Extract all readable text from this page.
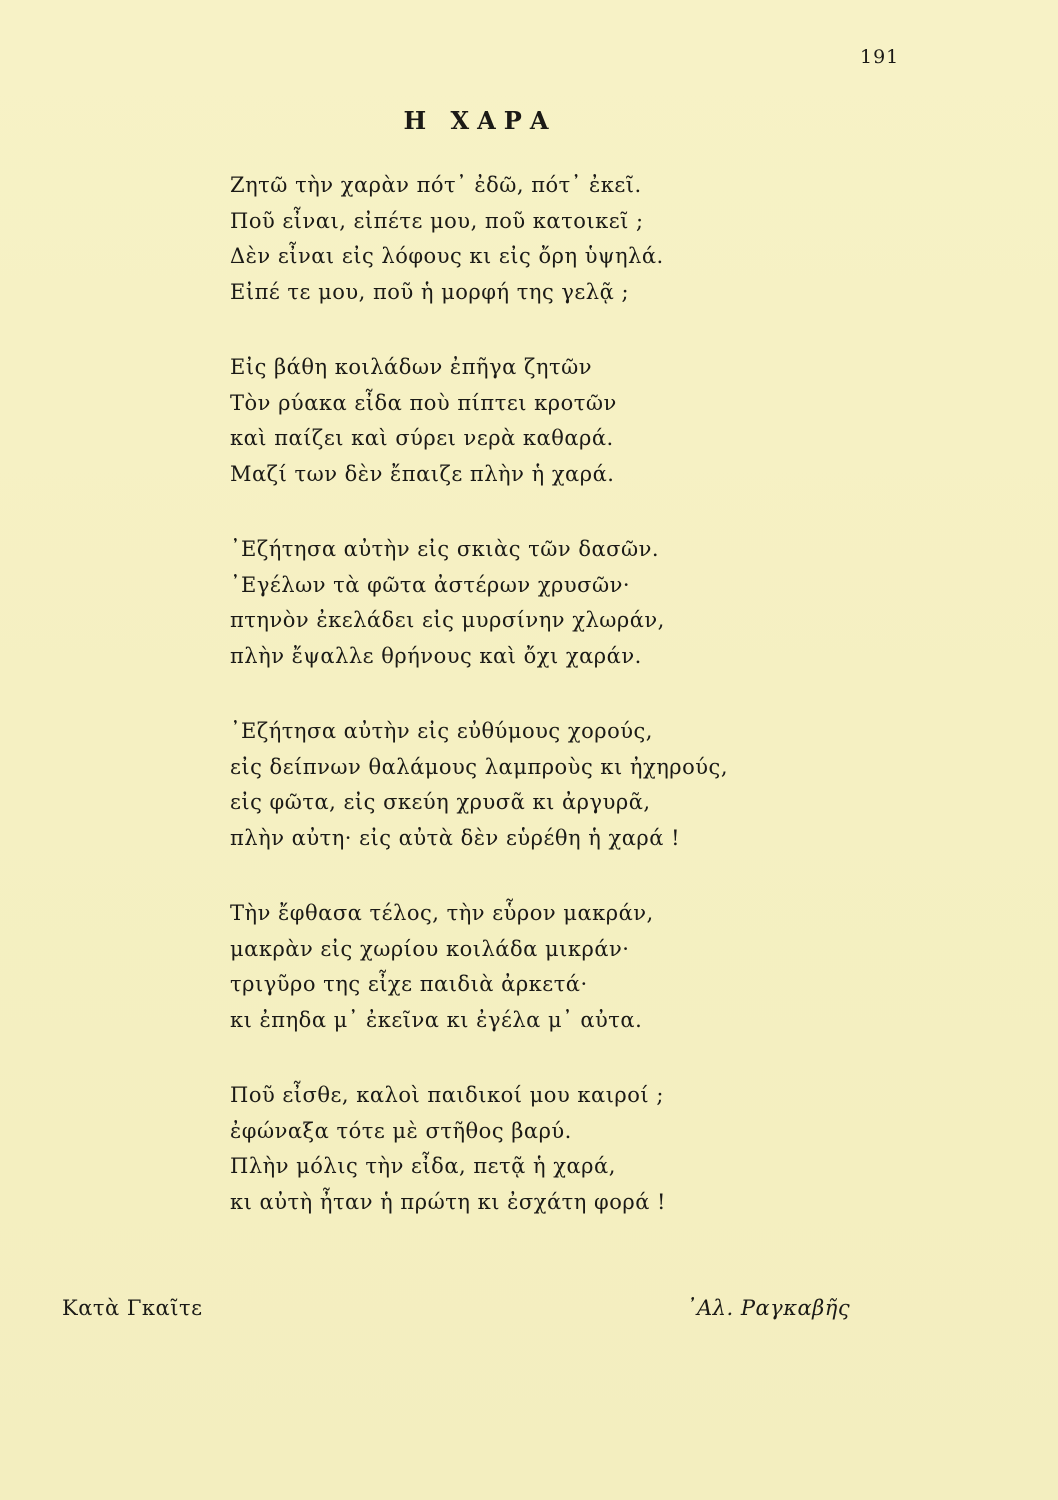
191
Η ΧΑΡΑ
Ζητῶ τὴν χαρὰν πότ᾽ ἐδῶ, πότ᾽ ἐκεῖ.
Ποῦ εἶναι, εἰπέτε μου, ποῦ κατοικεῖ ;
Δὲν εἶναι εἰς λόφους κι εἰς ὄρη ὑψηλά.
Εἰπέ τε μου, ποῦ ἡ μορφή της γελᾷ ;
Εἰς βάθη κοιλάδων ἐπῆγα ζητῶν
Τὸν ρύακα εἶδα ποὺ πίπτει κροτῶν
καὶ παίζει καὶ σύρει νερὰ καθαρά.
Μαζί των δὲν ἔπαιζε πλὴν ἡ χαρά.
᾽Εζήτησα αὐτὴν εἰς σκιὰς τῶν δασῶν.
᾽Εγέλων τὰ φῶτα ἀστέρων χρυσῶν·
πτηνὸν ἐκελάδει εἰς μυρσίνην χλωράν,
πλὴν ἔψαλλε θρήνους καὶ ὄχι χαράν.
᾽Εζήτησα αὐτὴν εἰς εὐθύμους χορούς,
εἰς δείπνων θαλάμους λαμπροὺς κι ἠχηρούς,
εἰς φῶτα, εἰς σκεύη χρυσᾶ κι ἀργυρᾶ,
πλὴν αὐτη· εἰς αὐτὰ δὲν εὑρέθη ἡ χαρά !
Τὴν ἔφθασα τέλος, τὴν εὗρον μακράν,
μακρὰν εἰς χωρίου κοιλάδα μικράν·
τριγῦρο της εἶχε παιδιὰ ἀρκετά·
κι ἐπηδα μ᾽ ἐκεῖνα κι ἐγέλα μ᾽ αὐτα.
Ποῦ εἶσθε, καλοὶ παιδικοί μου καιροί ;
ἐφώναξα τότε μὲ στῆθος βαρύ.
Πλὴν μόλις τὴν εἶδα, πετᾷ ἡ χαρά,
κι αὐτὴ ἦταν ἡ πρώτη κι ἐσχάτη φορά !
Κατὰ Γκαῖτε	᾽Αλ. Ραγκαβῆς
